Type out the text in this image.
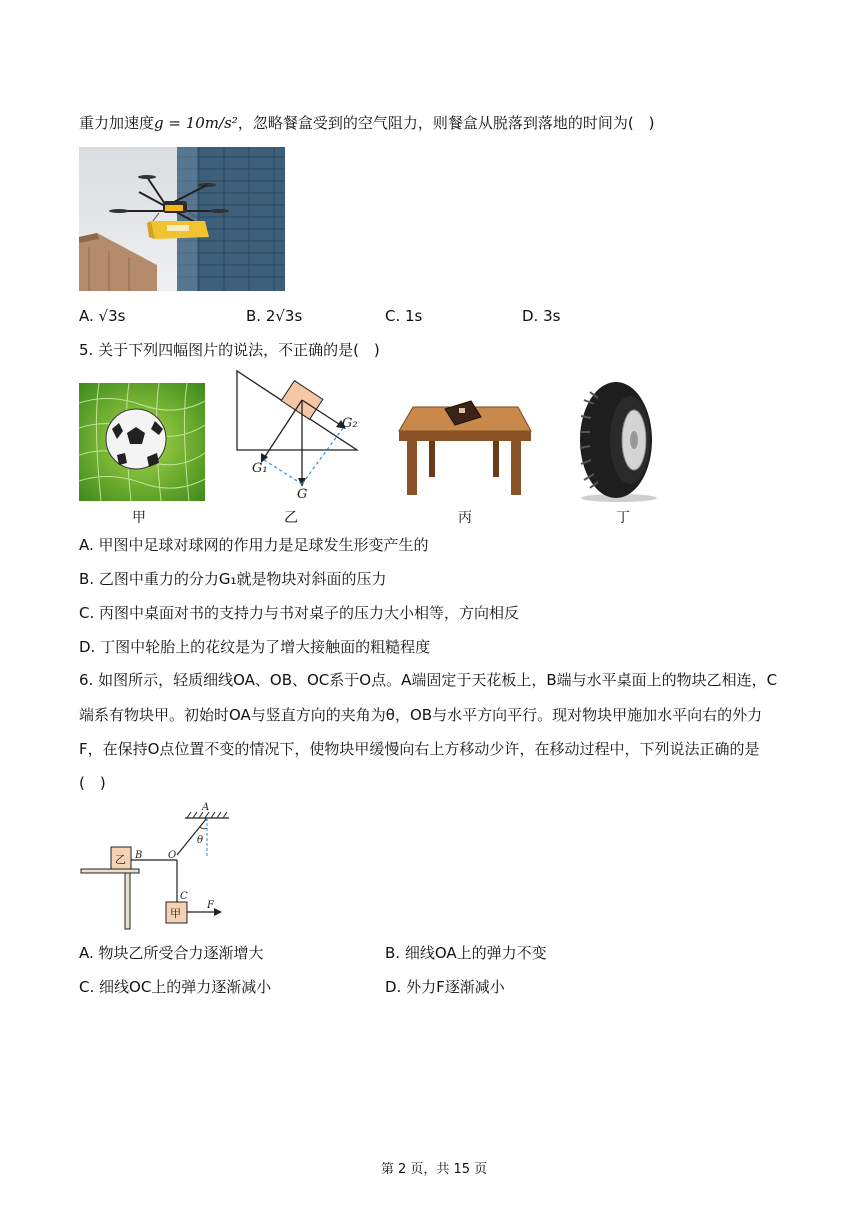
重力加速度g = 10m/s²，忽略餐盒受到的空气阻力，则餐盒从脱落到落地的时间为(　)
A. √3s	B. 2√3s	C. 1s	D. 3s
5. 关于下列四幅图片的说法，不正确的是(　)
G₂
G₁
G
甲	乙	丙	丁
A. 甲图中足球对球网的作用力是足球发生形变产生的
B. 乙图中重力的分力G₁就是物块对斜面的压力
C. 丙图中桌面对书的支持力与书对桌子的压力大小相等，方向相反
D. 丁图中轮胎上的花纹是为了增大接触面的粗糙程度
6. 如图所示，轻质细线OA、OB、OC系于O点。A端固定于天花板上，B端与水平桌面上的物块乙相连，C
端系有物块甲。初始时OA与竖直方向的夹角为θ，OB与水平方向平行。现对物块甲施加水平向右的外力
F，在保持O点位置不变的情况下，使物块甲缓慢向右上方移动少许，在移动过程中，下列说法正确的是
(　)
A
θ
O
B
乙
C
甲
F
A. 物块乙所受合力逐渐增大	B. 细线OA上的弹力不变
C. 细线OC上的弹力逐渐减小	D. 外力F逐渐减小
第 2 页，共 15 页
